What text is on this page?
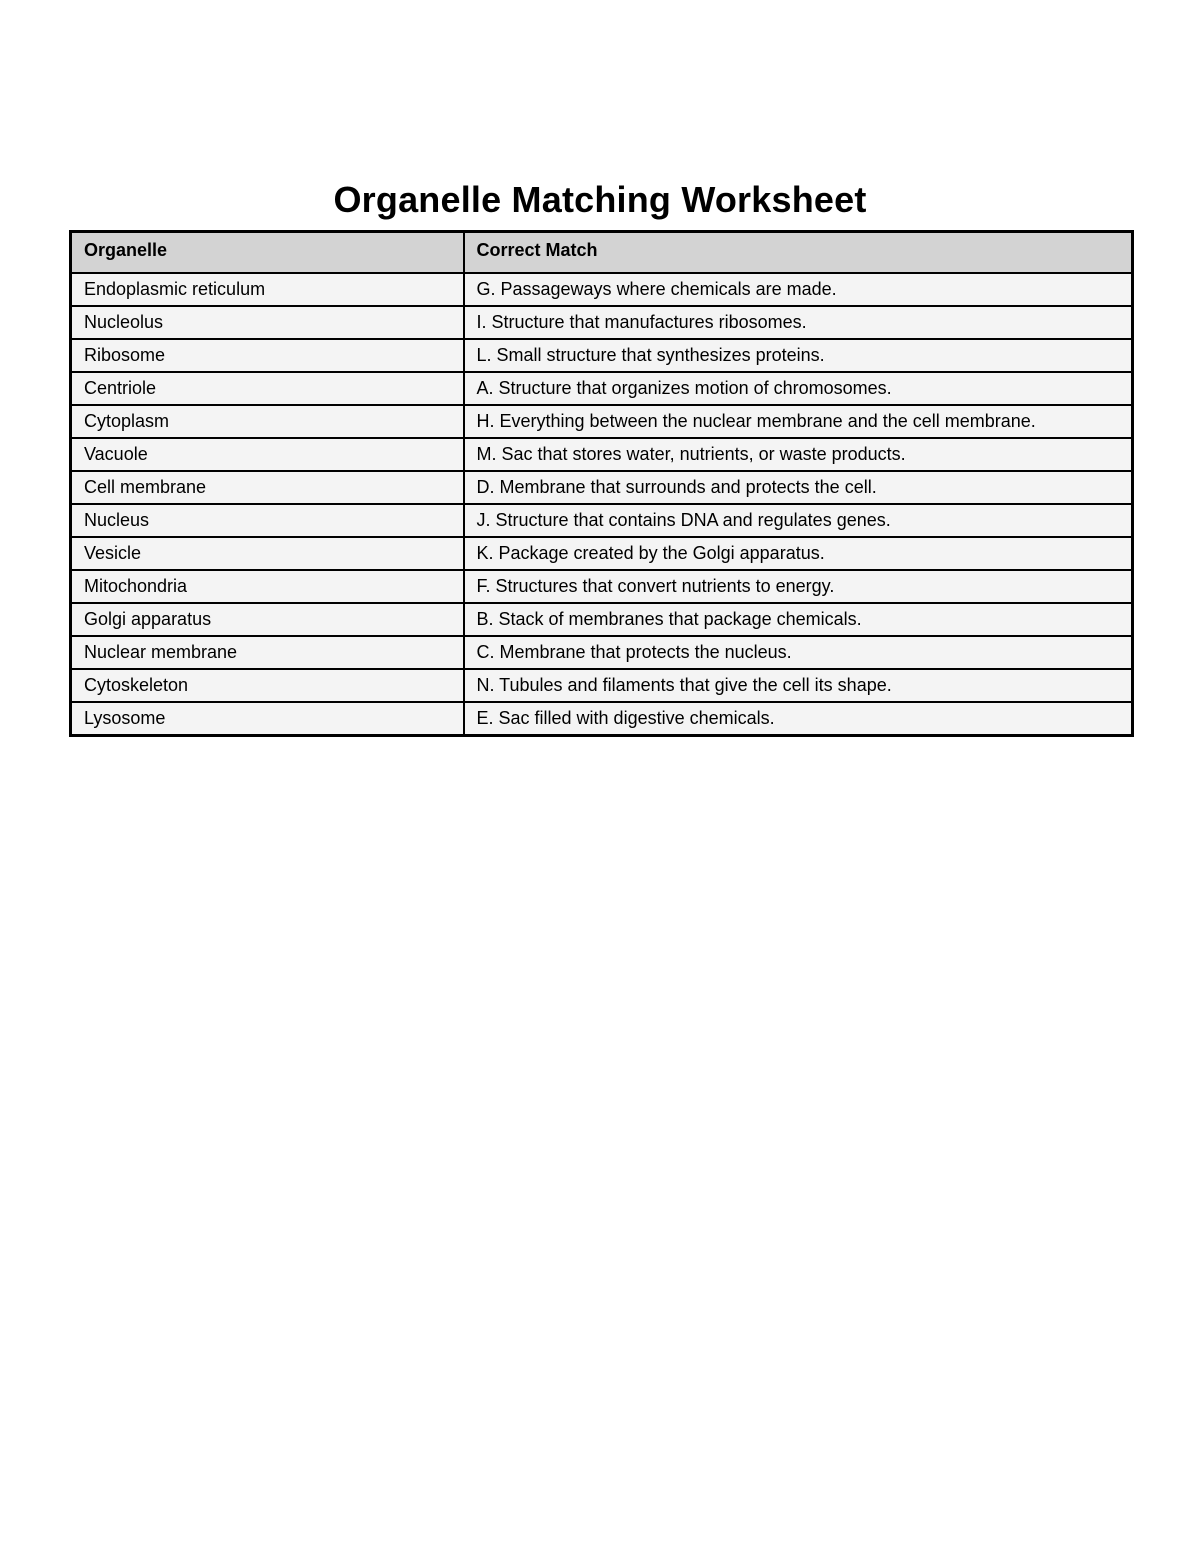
Organelle Matching Worksheet
Organelle	Correct Match
Endoplasmic reticulum	G. Passageways where chemicals are made.
Nucleolus	I. Structure that manufactures ribosomes.
Ribosome	L. Small structure that synthesizes proteins.
Centriole	A. Structure that organizes motion of chromosomes.
Cytoplasm	H. Everything between the nuclear membrane and the cell membrane.
Vacuole	M. Sac that stores water, nutrients, or waste products.
Cell membrane	D. Membrane that surrounds and protects the cell.
Nucleus	J. Structure that contains DNA and regulates genes.
Vesicle	K. Package created by the Golgi apparatus.
Mitochondria	F. Structures that convert nutrients to energy.
Golgi apparatus	B. Stack of membranes that package chemicals.
Nuclear membrane	C. Membrane that protects the nucleus.
Cytoskeleton	N. Tubules and filaments that give the cell its shape.
Lysosome	E. Sac filled with digestive chemicals.
